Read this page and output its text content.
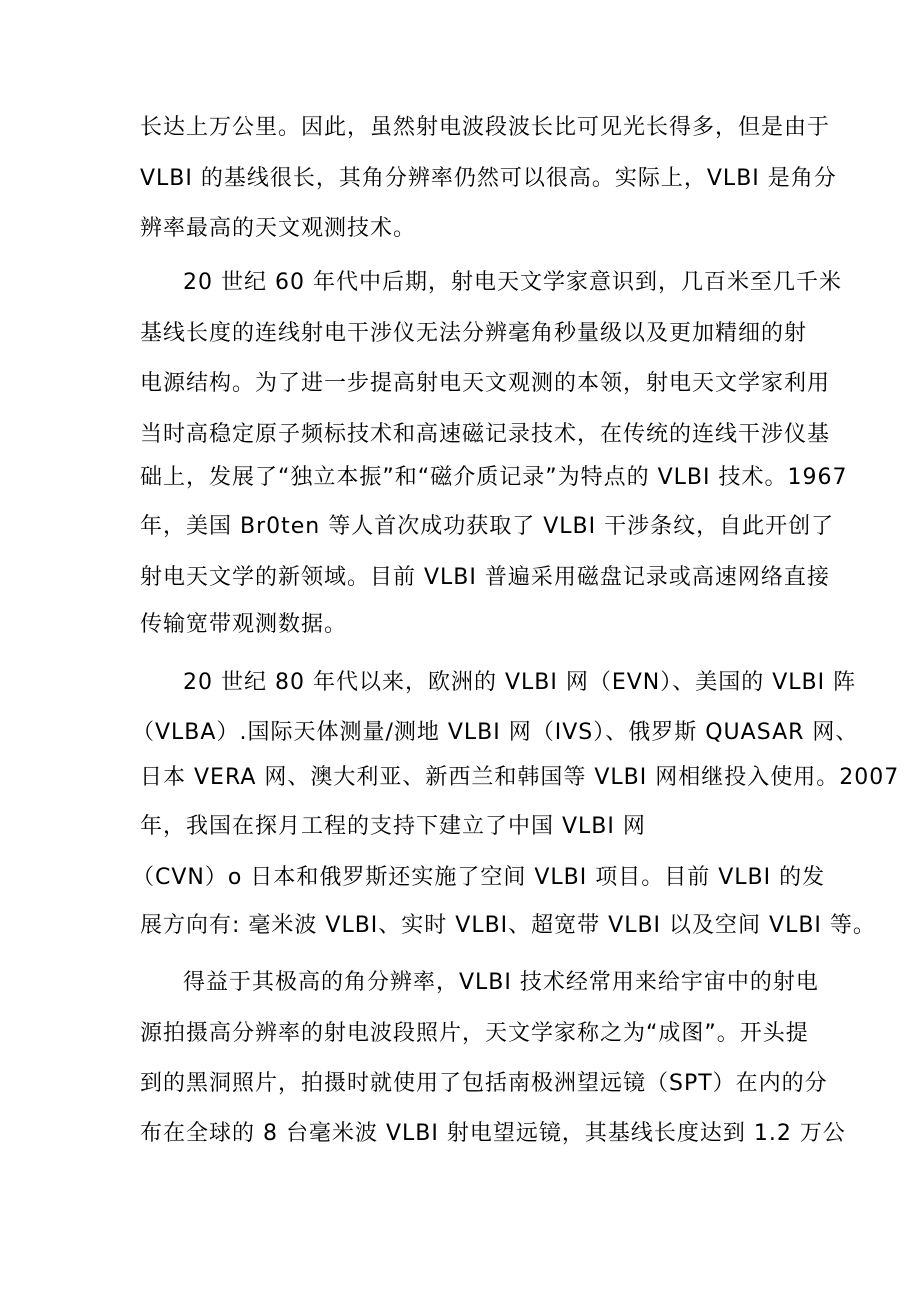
长达上万公里。因此，虽然射电波段波长比可见光长得多，但是由于
VLBI 的基线很长，其角分辨率仍然可以很高。实际上，VLBI 是角分
辨率最高的天文观测技术。
20 世纪 60 年代中后期，射电天文学家意识到，几百米至几千米
基线长度的连线射电干涉仪无法分辨毫角秒量级以及更加精细的射
电源结构。为了进一步提高射电天文观测的本领，射电天文学家利用
当时高稳定原子频标技术和高速磁记录技术，在传统的连线干涉仪基
础上，发展了“独立本振”和“磁介质记录”为特点的 VLBI 技术。1967
年，美国 Br0ten 等人首次成功获取了 VLBI 干涉条纹，自此开创了
射电天文学的新领域。目前 VLBI 普遍采用磁盘记录或高速网络直接
传输宽带观测数据。
20 世纪 80 年代以来，欧洲的 VLBI 网（EVN）、美国的 VLBI 阵
（VLBA）.国际天体测量/测地 VLBI 网（IVS）、俄罗斯 QUASAR 网、
日本 VERA 网、澳大利亚、新西兰和韩国等 VLBI 网相继投入使用。2007
年，我国在探月工程的支持下建立了中国 VLBI 网
（CVN）o 日本和俄罗斯还实施了空间 VLBI 项目。目前 VLBI 的发
展方向有: 毫米波 VLBI、实时 VLBI、超宽带 VLBI 以及空间 VLBI 等。
得益于其极高的角分辨率，VLBI 技术经常用来给宇宙中的射电
源拍摄高分辨率的射电波段照片，天文学家称之为“成图”。开头提
到的黑洞照片，拍摄时就使用了包括南极洲望远镜（SPT）在内的分
布在全球的 8 台毫米波 VLBI 射电望远镜，其基线长度达到 1.2 万公
